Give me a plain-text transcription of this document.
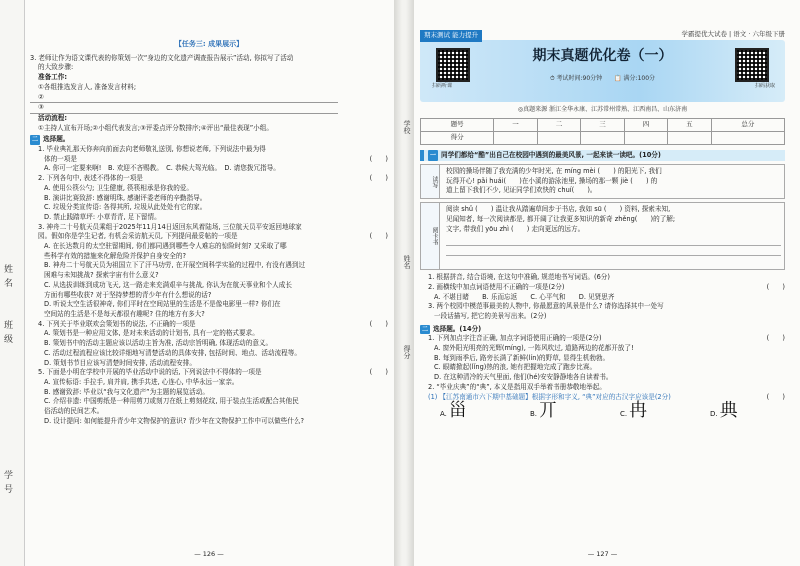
姓
名
班
级
学
号
【任务三: 成果展示】
3. 老师让作为语文课代表的你策划一次“身边的文化遗产调查报告展示”活动, 你拟写了活动
的大致步骤:
准备工作:
①各组推选发言人, 准备发言材料;
②
③
活动流程:
①主持人宣布开场;②小组代表发言;③评委点评分数排序;④评出“最佳表现”小组。
二 选择题。
1. 毕业典礼那天你奔向前面去向老师敬礼送别, 你想说老师, 下列说法中最为得
体的一项是	(　　)
A. 你可一定要来啊!　B. 欢迎不吝赐教。　C. 恭候大驾光临。　D. 请您拨冗指导。
2. 下列各句中, 表述不得体的一项是	(　　)
A. 使用公筷公勺; 卫生健康, 筷筷相承是你我的爱。
B. 演讲比赛致辞: 感谢明珠, 感谢评委老师的辛勤指导。
C. 垃圾分类宣传语: 各得其所, 垃圾从此处处有它的家。
D. 禁止践踏草坪: 小草青青, 足下留情。
3. 神舟二十号航天员乘组于2025年11月14日返回东风着陆场, 三位航天员平安返回地球家
园。假如你是学生记者, 有机会采访航天员, 下列提问最妥帖的一项是	(　　)
A. 在长达数月的太空驻留期间, 你们都同遇到哪些令人难忘的惊险时刻? 又采取了哪
些科学有效的措施来化解危险并保护自身安全的?
B. 神舟二十号航天员为祖国立下了汗马功劳, 在开展空间科学实验的过程中, 有没有遇到过
困难与未知挑战? 探索宇宙有什么意义?
C. 从选拔训练到成功飞天, 这一路走来充满艰辛与挑战, 你认为在航天事业和个人成长
方面有哪些收获? 对于坚持梦想的青少年有什么想说的话?
D. 听说太空生活很神奇, 你们平时在空间站里的生活是不是像电影里一样? 你们在
空间站的生活是不是每天都很有趣呢? 住的地方有多大?
4. 下列关于毕业联欢会策划书的说法, 不正确的一项是	(　　)
A. 策划书是一种应用文体, 是对未来活动的计划书, 具有一定的格式要求。
B. 策划书中的活动主题应该以活动主旨为准, 活动宗旨明确, 体现活动的意义。
C. 活动过程流程应该比较详细地写清楚活动的具体安排, 包括时间、地点、活动流程等。
D. 策划书节目应该写清楚时间安排, 活动流程安排。
5. 下面是小明在学校中开展的毕业活动中说的话, 下列说法中不得体的一项是	(　　)
A. 宣传标语: 手拉手, 肩并肩, 携手共进, 心连心, 中华永远一家亲。
B. 感谢致辞: 毕业以“我与文化遗产”为主题的展览活动。
C. 介绍非遗: 中国剪纸是一种用剪刀或刻刀在纸上剪刻花纹, 用于装点生活或配合其他民
俗活动的民间艺术。
D. 设计提问: 如何能提升青少年文物保护的意识? 青少年在文物保护工作中可以做些什么?
— 126 —
学校
姓名
得分
期末测试 能力提升	学霸提优大试卷 | 语文 · 六年级下册
扫码听课
期末真题优化卷（一）
⏱ 考试时间:90分钟　　📋 满分:100分
扫码获取
◎真题来源 浙江全华永康、江苏常州常熟、江西南昌、山东济南
题号	一	二	三	四	五	总分
得分						
一 同学们都给“酷”出自己在校园中遇到的最美风景, 一起来读一读吧。(10分)
读写
校园的操场伴随了我充满的少年时光, 在 míng mèi (　　) 的阳光下, 我们
玩得开心! pǎi huái(　　)在小溪的游泳池里, 操场的那一颗 jiè (　　) 的
道上留下我们不少, 见证同学们欢快的 chuí(　　)。
阅卡书
阅读 shǔ (　　) 温让我从踏遍草间步于书店, 我如 sū (　　) 资料, 探索未知,
见闻知者, 每一次阅读都是, 都开阔了让我更多知识的新奇 zhěng(　　)的了解;
文字, 带我们 yōu zhì (　　) 走向更远的远方。
1. 根据拼音, 结合语境, 在这句中准确, 规范地书写词语。(6分)
2. 画横线中加点词语使用不正确的一项是(2分)	(　　)
A. 不堪目睹　　B. 乐而忘返　　C. 心平气和　　D. 见贤思齐
3. 两个校园中模范事最美的人物中, 你最愿意的风景是什么? 请你选择其中一处写
一段话描写, 把它的美景写出来。(2分)
二 选择题。(14分)
1. 下列加点字注音正确, 加点字词语使用正确的一项是(2分)	(　　)
A. 窗外阳光明亮的光辉(míng), 一阵风吹过, 道路两边的花都开放了!
B. 每到雨季后, 路旁长满了新鲜(lín)的野草, 显得生机勃勃。
C. 眼睛掀起(lǐng)热的浪, 她有把握地完成了跑步比赛。
D. 在这种清冷的天气里面, 他们(hé)安安静静地各自读着书。
2. “毕业庆典”的“典”, 本义是指用双手举着书册恭敬地举起。
(1) 【江苏南通市六下期中基础题】根据字形和字义, “典”对应的古汉字应该是(2分)	(　　)
A. 甾	B. 丌	C. 冉	D. 典
— 127 —
